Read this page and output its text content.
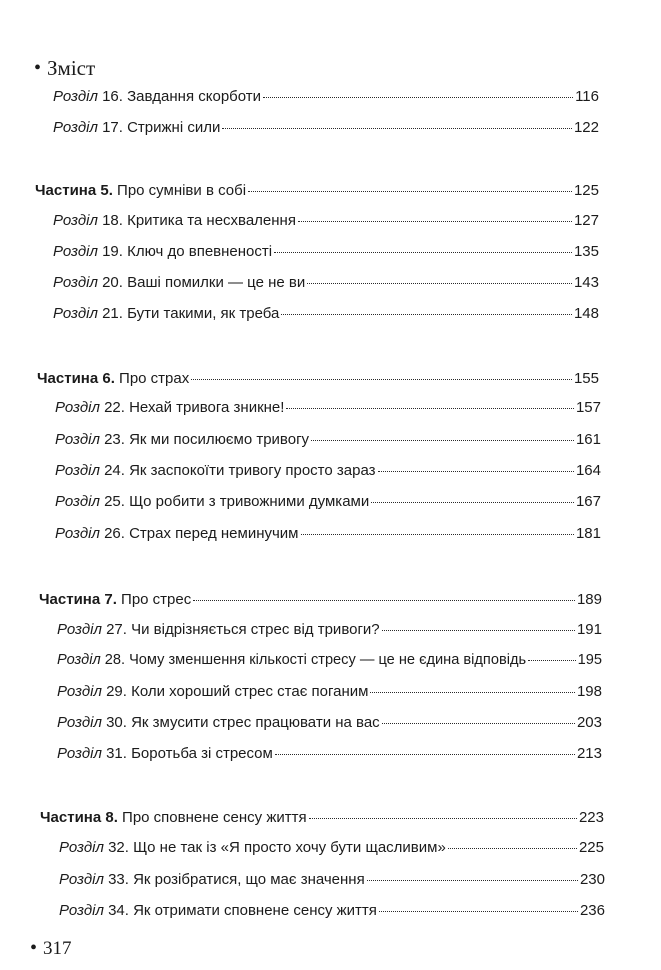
• Зміст
Розділ 16. Завдання скорботи	116
Розділ 17. Стрижні сили	122
Частина 5. Про сумніви в собі	125
Розділ 18. Критика та несхвалення	127
Розділ 19. Ключ до впевненості	135
Розділ 20. Ваші помилки — це не ви	143
Розділ 21. Бути такими, як треба	148
Частина 6. Про страх	155
Розділ 22. Нехай тривога зникне!	157
Розділ 23. Як ми посилюємо тривогу	161
Розділ 24. Як заспокоїти тривогу просто зараз	164
Розділ 25. Що робити з тривожними думками	167
Розділ 26. Страх перед неминучим	181
Частина 7. Про стрес	189
Розділ 27. Чи відрізняється стрес від тривоги?	191
Розділ 28. Чому зменшення кількості стресу — це не єдина відповідь	195
Розділ 29. Коли хороший стрес стає поганим	198
Розділ 30. Як змусити стрес працювати на вас	203
Розділ 31. Боротьба зі стресом	213
Частина 8. Про сповнене сенсу життя	223
Розділ 32. Що не так із «Я просто хочу бути щасливим»	225
Розділ 33. Як розібратися, що має значення	230
Розділ 34. Як отримати сповнене сенсу життя	236
• 317
